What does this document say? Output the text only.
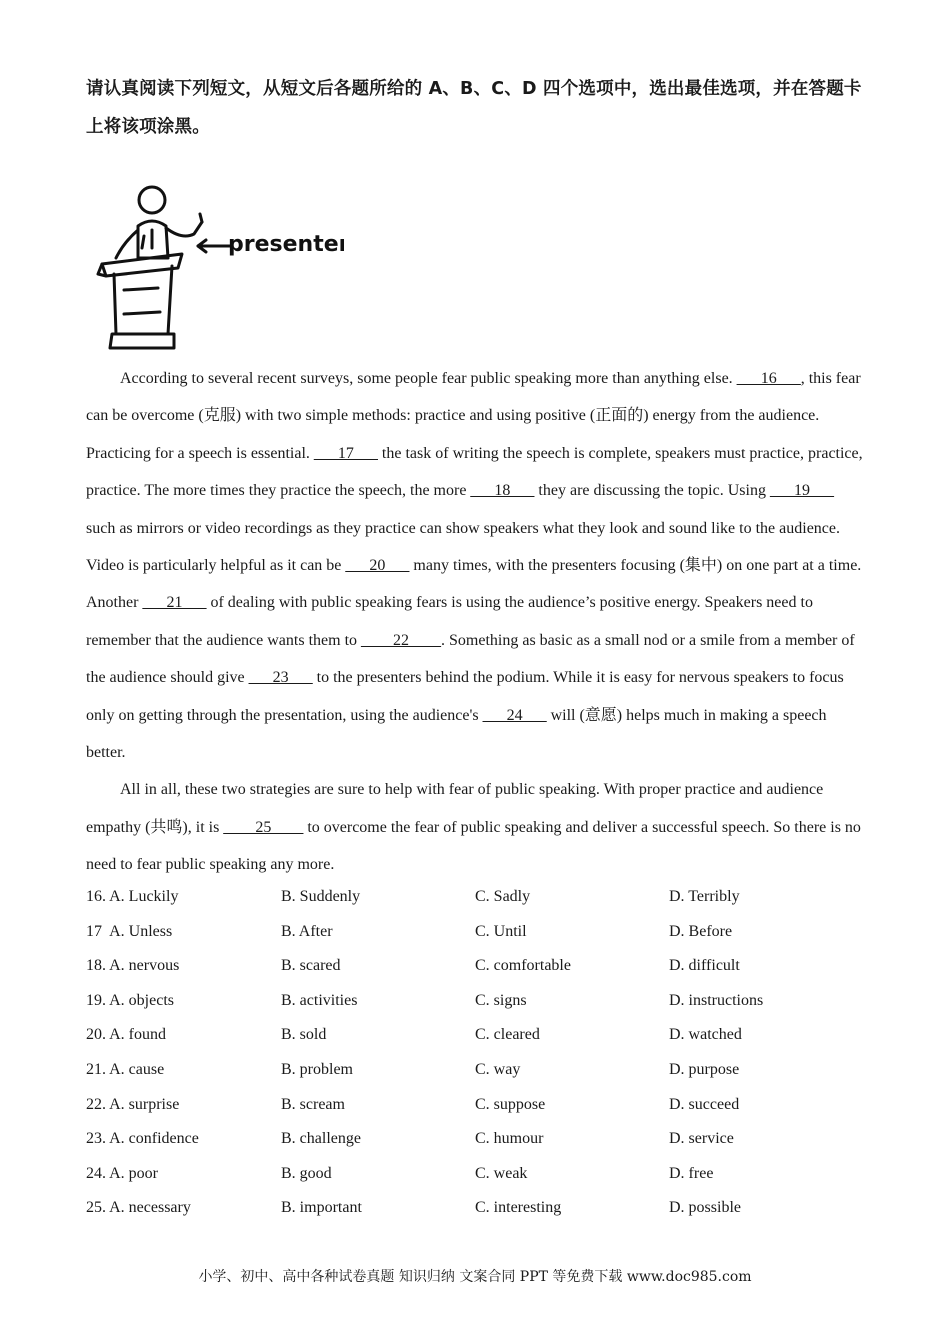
请认真阅读下列短文，从短文后各题所给的 A、B、C、D 四个选项中，选出最佳选项，并在答题卡上将该项涂黑。
presenter

According to several recent surveys, some people fear public speaking more than anything else. ___16___, this fear can be overcome (克服) with two simple methods: practice and using positive (正面的) energy from the audience. Practicing for a speech is essential. ___17___ the task of writing the speech is complete, speakers must practice, practice, practice. The more times they practice the speech, the more ___18___ they are discussing the topic. Using ___19___ such as mirrors or video recordings as they practice can show speakers what they look and sound like to the audience. Video is particularly helpful as it can be ___20___ many times, with the presenters focusing (集中) on one part at a time. Another ___21___ of dealing with public speaking fears is using the audience’s positive energy. Speakers need to remember that the audience wants them to ____22____. Something as basic as a small nod or a smile from a member of the audience should give ___23___ to the presenters behind the podium. While it is easy for nervous speakers to focus only on getting through the presentation, using the audience's ___24___ will (意愿) helps much in making a speech better.

All in all, these two strategies are sure to help with fear of public speaking. With proper practice and audience empathy (共鸣), it is ____25____ to overcome the fear of public speaking and deliver a successful speech. So there is no need to fear public speaking any more.

16. A. Luckily	B. Suddenly	C. Sadly	D. Terribly
17  A. Unless	B. After	C. Until	D. Before
18. A. nervous	B. scared	C. comfortable	D. difficult
19. A. objects	B. activities	C. signs	D. instructions
20. A. found	B. sold	C. cleared	D. watched
21. A. cause	B. problem	C. way	D. purpose
22. A. surprise	B. scream	C. suppose	D. succeed
23. A. confidence	B. challenge	C. humour	D. service
24. A. poor	B. good	C. weak	D. free
25. A. necessary	B. important	C. interesting	D. possible
小学、初中、高中各种试卷真题 知识归纳 文案合同 PPT 等免费下载 www.doc985.com
